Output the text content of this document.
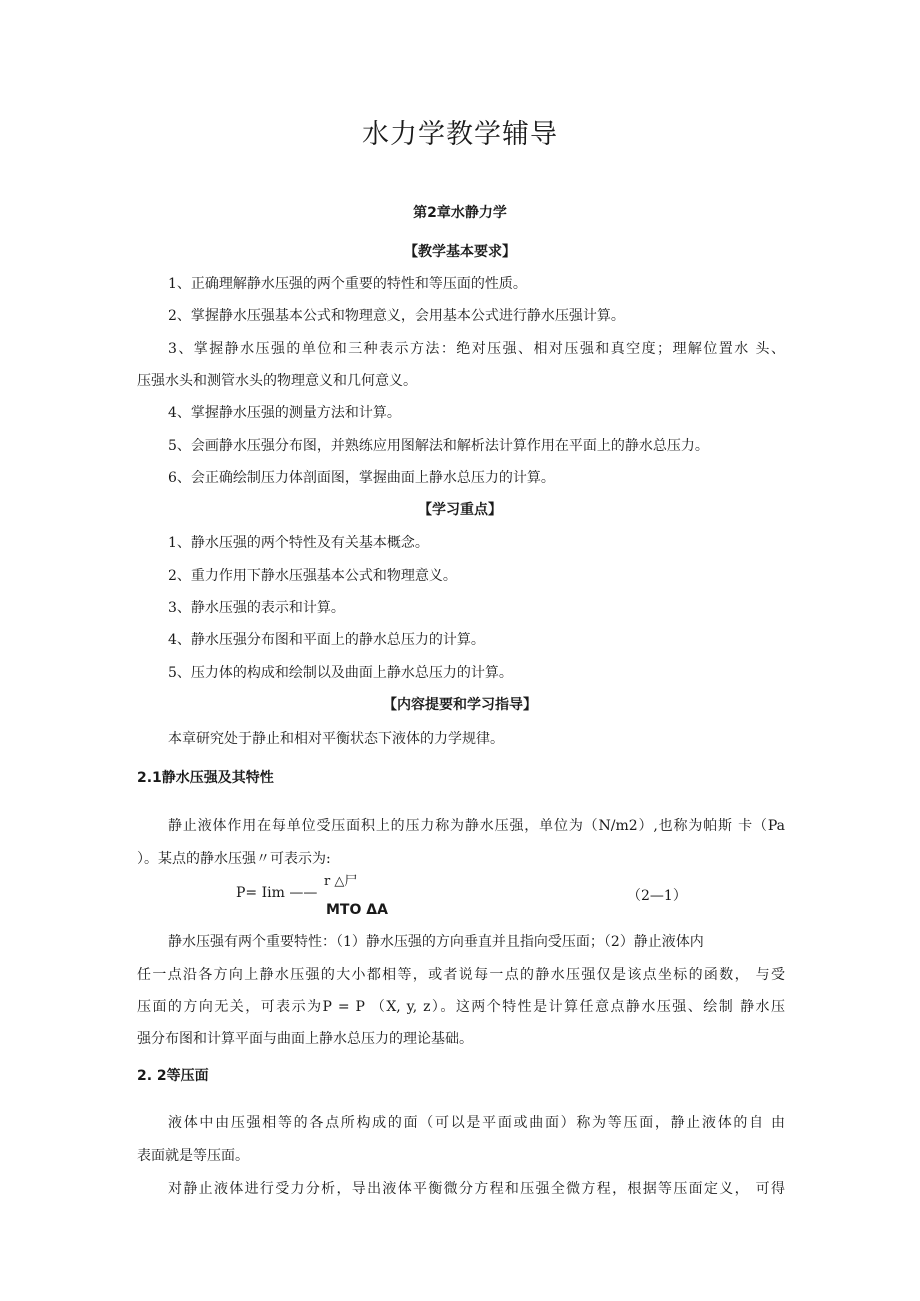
水力学教学辅导
第2章水静力学
【教学基本要求】
1、正确理解静水压强的两个重要的特性和等压面的性质。
2、掌握静水压强基本公式和物理意义，会用基本公式进行静水压强计算。
3、掌握静水压强的单位和三种表示方法：绝对压强、相对压强和真空度；理解位置水 头、
压强水头和测管水头的物理意义和几何意义。
4、掌握静水压强的测量方法和计算。
5、会画静水压强分布图，并熟练应用图解法和解析法计算作用在平面上的静水总压力。
6、会正确绘制压力体剖面图，掌握曲面上静水总压力的计算。
【学习重点】
1、静水压强的两个特性及有关基本概念。
2、重力作用下静水压强基本公式和物理意义。
3、静水压强的表示和计算。
4、静水压强分布图和平面上的静水总压力的计算。
5、压力体的构成和绘制以及曲面上静水总压力的计算。
【内容提要和学习指导】
本章研究处于静止和相对平衡状态下液体的力学规律。
2.1静水压强及其特性
静止液体作用在每单位受压面积上的压力称为静水压强，单位为（N/m2）,也称为帕斯 卡（Pa
）。某点的静水压强〃可表示为:
r △尸
P= Iim ——
MTO ΔA
（2—1）
静水压强有两个重要特性：（1）静水压强的方向垂直并且指向受压面；（2）静止液体内
任一点沿各方向上静水压强的大小都相等，或者说每一点的静水压强仅是该点坐标的函数， 与受
压面的方向无关，可表示为P = P （X, y, z）。这两个特性是计算任意点静水压强、绘制 静水压
强分布图和计算平面与曲面上静水总压力的理论基础。
2. 2等压面
液体中由压强相等的各点所构成的面（可以是平面或曲面）称为等压面，静止液体的自 由
表面就是等压面。
对静止液体进行受力分析，导出液体平衡微分方程和压强全微方程，根据等压面定义， 可得
